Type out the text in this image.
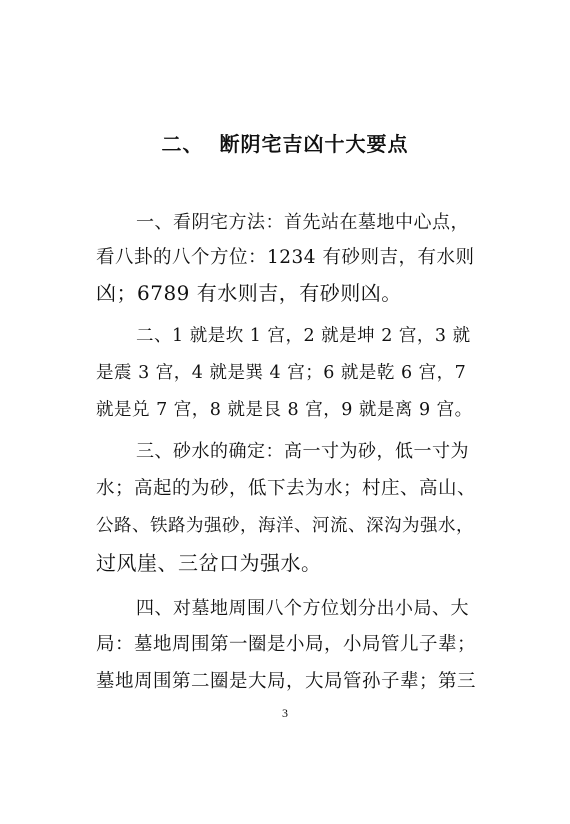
二、  断阴宅吉凶十大要点
一、看阴宅方法：首先站在墓地中心点，
看八卦的八个方位：1234 有砂则吉，有水则
凶；6789 有水则吉，有砂则凶。
二、1 就是坎 1 宫，2 就是坤 2 宫，3 就
是震 3 宫，4 就是巽 4 宫；6 就是乾 6 宫，7
就是兑 7 宫，8 就是艮 8 宫，9 就是离 9 宫。
三、砂水的确定：高一寸为砂，低一寸为
水；高起的为砂，低下去为水；村庄、高山、
公路、铁路为强砂，海洋、河流、深沟为强水，
过风崖、三岔口为强水。
四、对墓地周围八个方位划分出小局、大
局：墓地周围第一圈是小局，小局管儿子辈；
墓地周围第二圈是大局，大局管孙子辈；第三
3
